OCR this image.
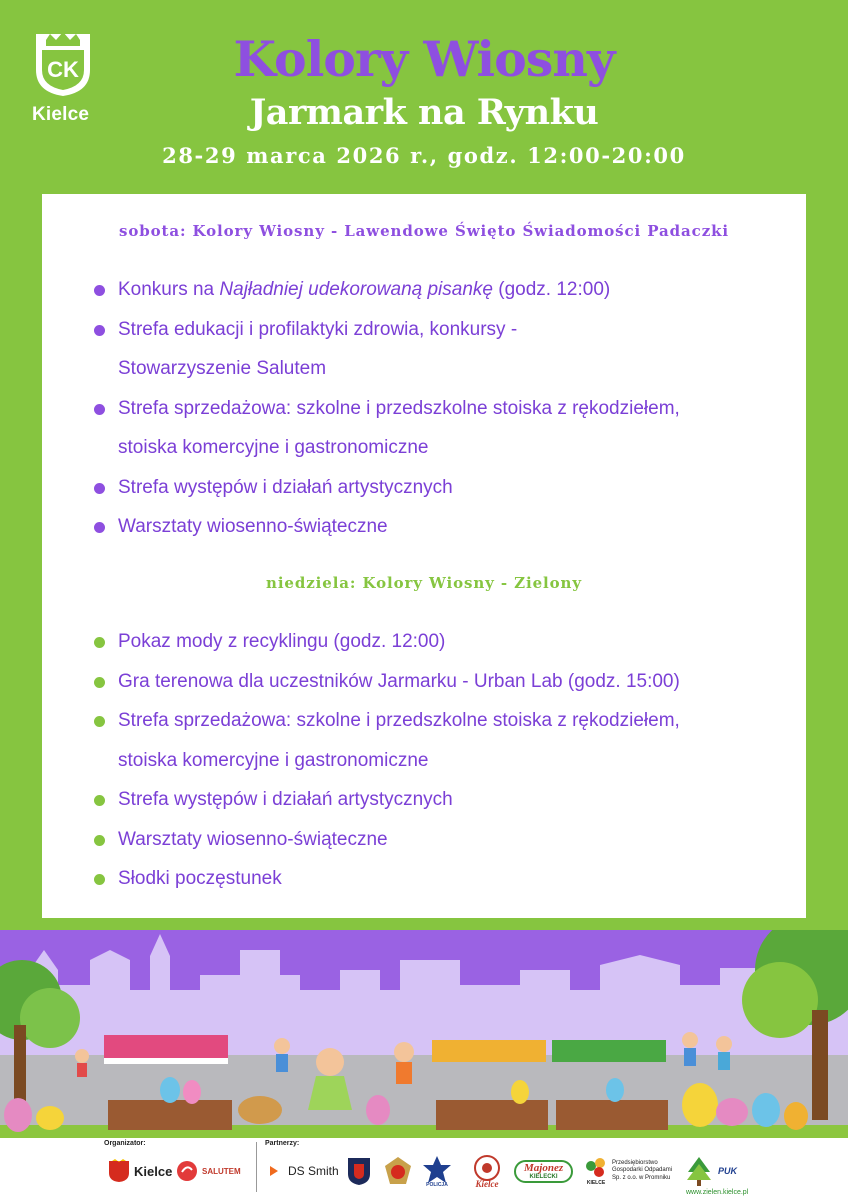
CK
Kielce
Kolory Wiosny
Jarmark na Rynku
28-29 marca 2026 r., godz. 12:00-20:00
sobota: Kolory Wiosny - Lawendowe Święto Świadomości Padaczki
Konkurs na Najładniej udekorowaną pisankę (godz. 12:00)
Strefa edukacji i profilaktyki zdrowia, konkursy -
Stowarzyszenie Salutem
Strefa sprzedażowa: szkolne i przedszkolne stoiska z rękodziełem,
stoiska komercyjne i gastronomiczne
Strefa występów i działań artystycznych
Warsztaty wiosenno-świąteczne
niedziela: Kolory Wiosny - Zielony
Pokaz mody z recyklingu (godz. 12:00)
Gra terenowa dla uczestników Jarmarku - Urban Lab (godz. 15:00)
Strefa sprzedażowa: szkolne i przedszkolne stoiska z rękodziełem,
stoiska komercyjne i gastronomiczne
Strefa występów i działań artystycznych
Warsztaty wiosenno-świąteczne
Słodki poczęstunek
Organizator:	Partnerzy:
Kielce	SALUTEM	DS Smith
POLICJA	Kielce
Majonez
KIELECKI
KIELCE
Przedsiębiorstwo
Gospodarki Odpadami
Sp. z o.o. w Promniku
PUK
www.zielen.kielce.pl
